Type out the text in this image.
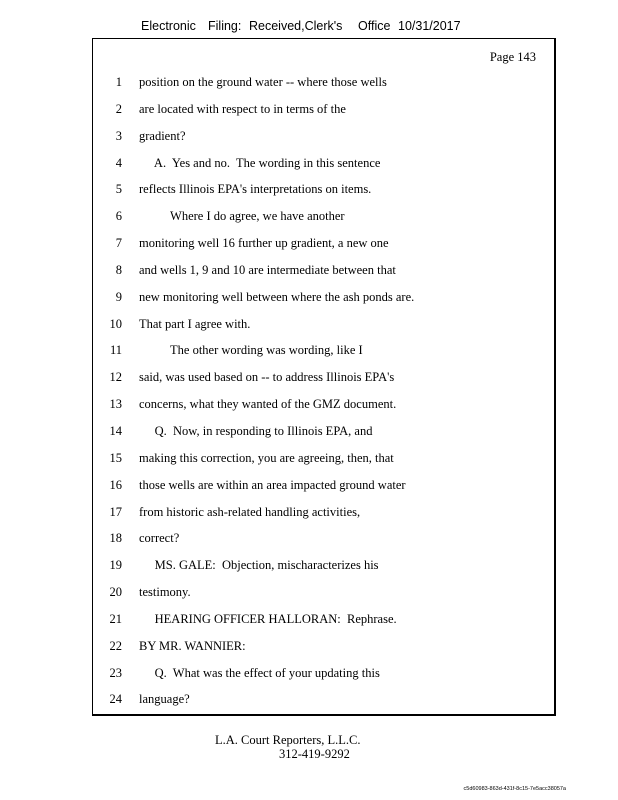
Electronic Filing: Received,Clerk's Office 10/31/2017
Page 143
1 position on the ground water -- where those wells
2 are located with respect to in terms of the
3 gradient?
4 A.  Yes and no.  The wording in this sentence
5 reflects Illinois EPA's interpretations on items.
6 Where I do agree, we have another
7 monitoring well 16 further up gradient, a new one
8 and wells 1, 9 and 10 are intermediate between that
9 new monitoring well between where the ash ponds are.
10 That part I agree with.
11 The other wording was wording, like I
12 said, was used based on -- to address Illinois EPA's
13 concerns, what they wanted of the GMZ document.
14 Q.  Now, in responding to Illinois EPA, and
15 making this correction, you are agreeing, then, that
16 those wells are within an area impacted ground water
17 from historic ash-related handling activities,
18 correct?
19 MS. GALE:  Objection, mischaracterizes his
20 testimony.
21 HEARING OFFICER HALLORAN:  Rephrase.
22 BY MR. WANNIER:
23 Q.  What was the effect of your updating this
24 language?
L.A. Court Reporters, L.L.C.
312-419-9292
c5d60983-863d-431f-8c15-7e5acc38057a
